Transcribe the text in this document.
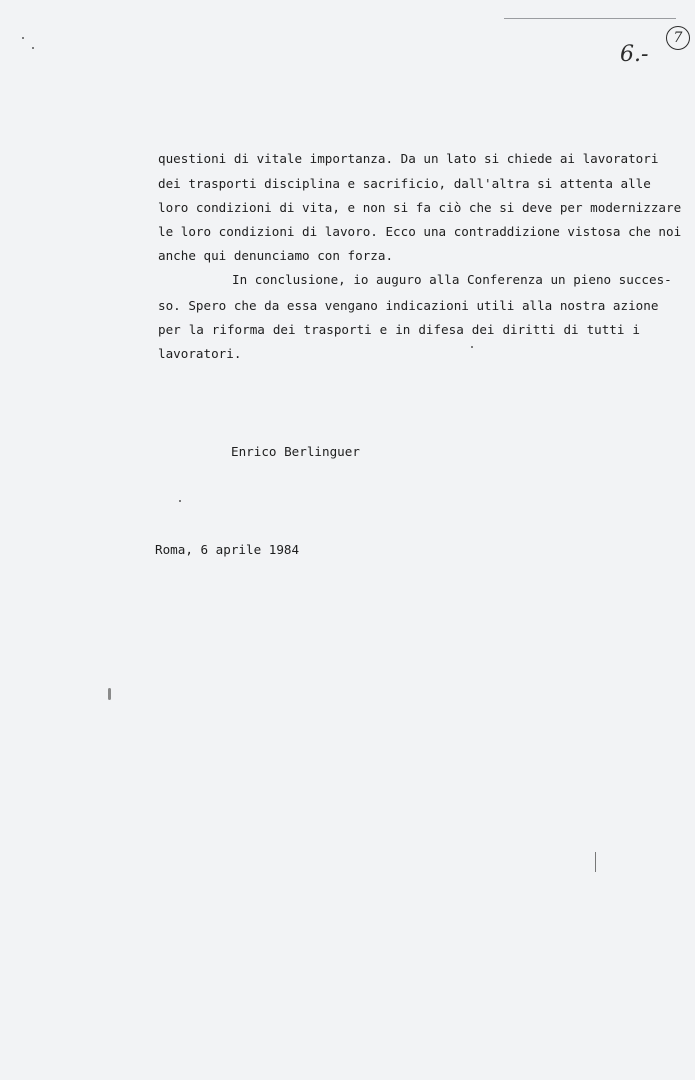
6.-
7
questioni di vitale importanza. Da un lato si chiede ai lavoratori
dei trasporti disciplina e sacrificio, dall'altra si attenta alle
loro condizioni di vita, e non si fa ciò che si deve per modernizzare
le loro condizioni di lavoro. Ecco una contraddizione vistosa che noi
anche qui denunciamo con forza.
In conclusione, io auguro alla Conferenza un pieno succes-
so. Spero che da essa vengano indicazioni utili alla nostra azione
per la riforma dei trasporti e in difesa dei diritti di tutti i
lavoratori.
Enrico Berlinguer
Roma, 6 aprile 1984
